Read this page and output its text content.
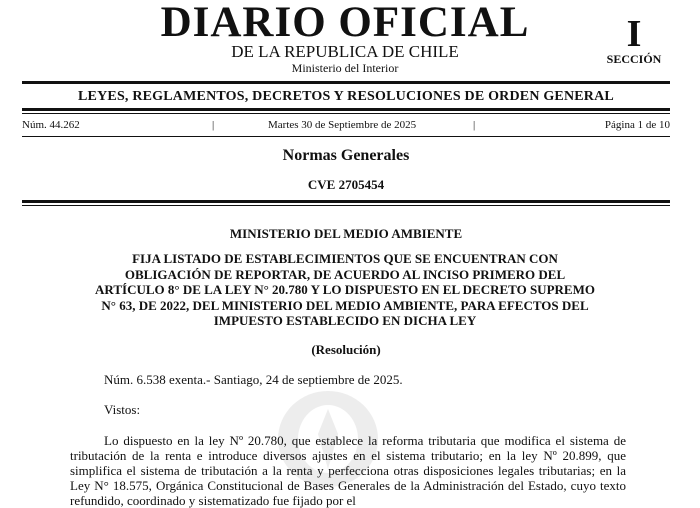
DIARIO OFICIAL
DE LA REPUBLICA DE CHILE
Ministerio del Interior
I
SECCIÓN
LEYES, REGLAMENTOS, DECRETOS Y RESOLUCIONES DE ORDEN GENERAL
Núm. 44.262	|	Martes 30 de Septiembre de 2025	|	Página 1 de 10
Normas Generales
CVE 2705454
MINISTERIO DEL MEDIO AMBIENTE
FIJA LISTADO DE ESTABLECIMIENTOS QUE SE ENCUENTRAN CON
OBLIGACIÓN DE REPORTAR, DE ACUERDO AL INCISO PRIMERO DEL
ARTÍCULO 8° DE LA LEY N° 20.780 Y LO DISPUESTO EN EL DECRETO SUPREMO
N° 63, DE 2022, DEL MINISTERIO DEL MEDIO AMBIENTE, PARA EFECTOS DEL
IMPUESTO ESTABLECIDO EN DICHA LEY
(Resolución)
Núm. 6.538 exenta.- Santiago, 24 de septiembre de 2025.
Vistos:
Lo dispuesto en la ley Nº 20.780, que establece la reforma tributaria que modifica el sistema de tributación de la renta e introduce diversos ajustes en el sistema tributario; en la ley Nº 20.899, que simplifica el sistema de tributación a la renta y perfecciona otras disposiciones legales tributarias; en la Ley N° 18.575, Orgánica Constitucional de Bases Generales de la Administración del Estado, cuyo texto refundido, coordinado y sistematizado fue fijado por el
